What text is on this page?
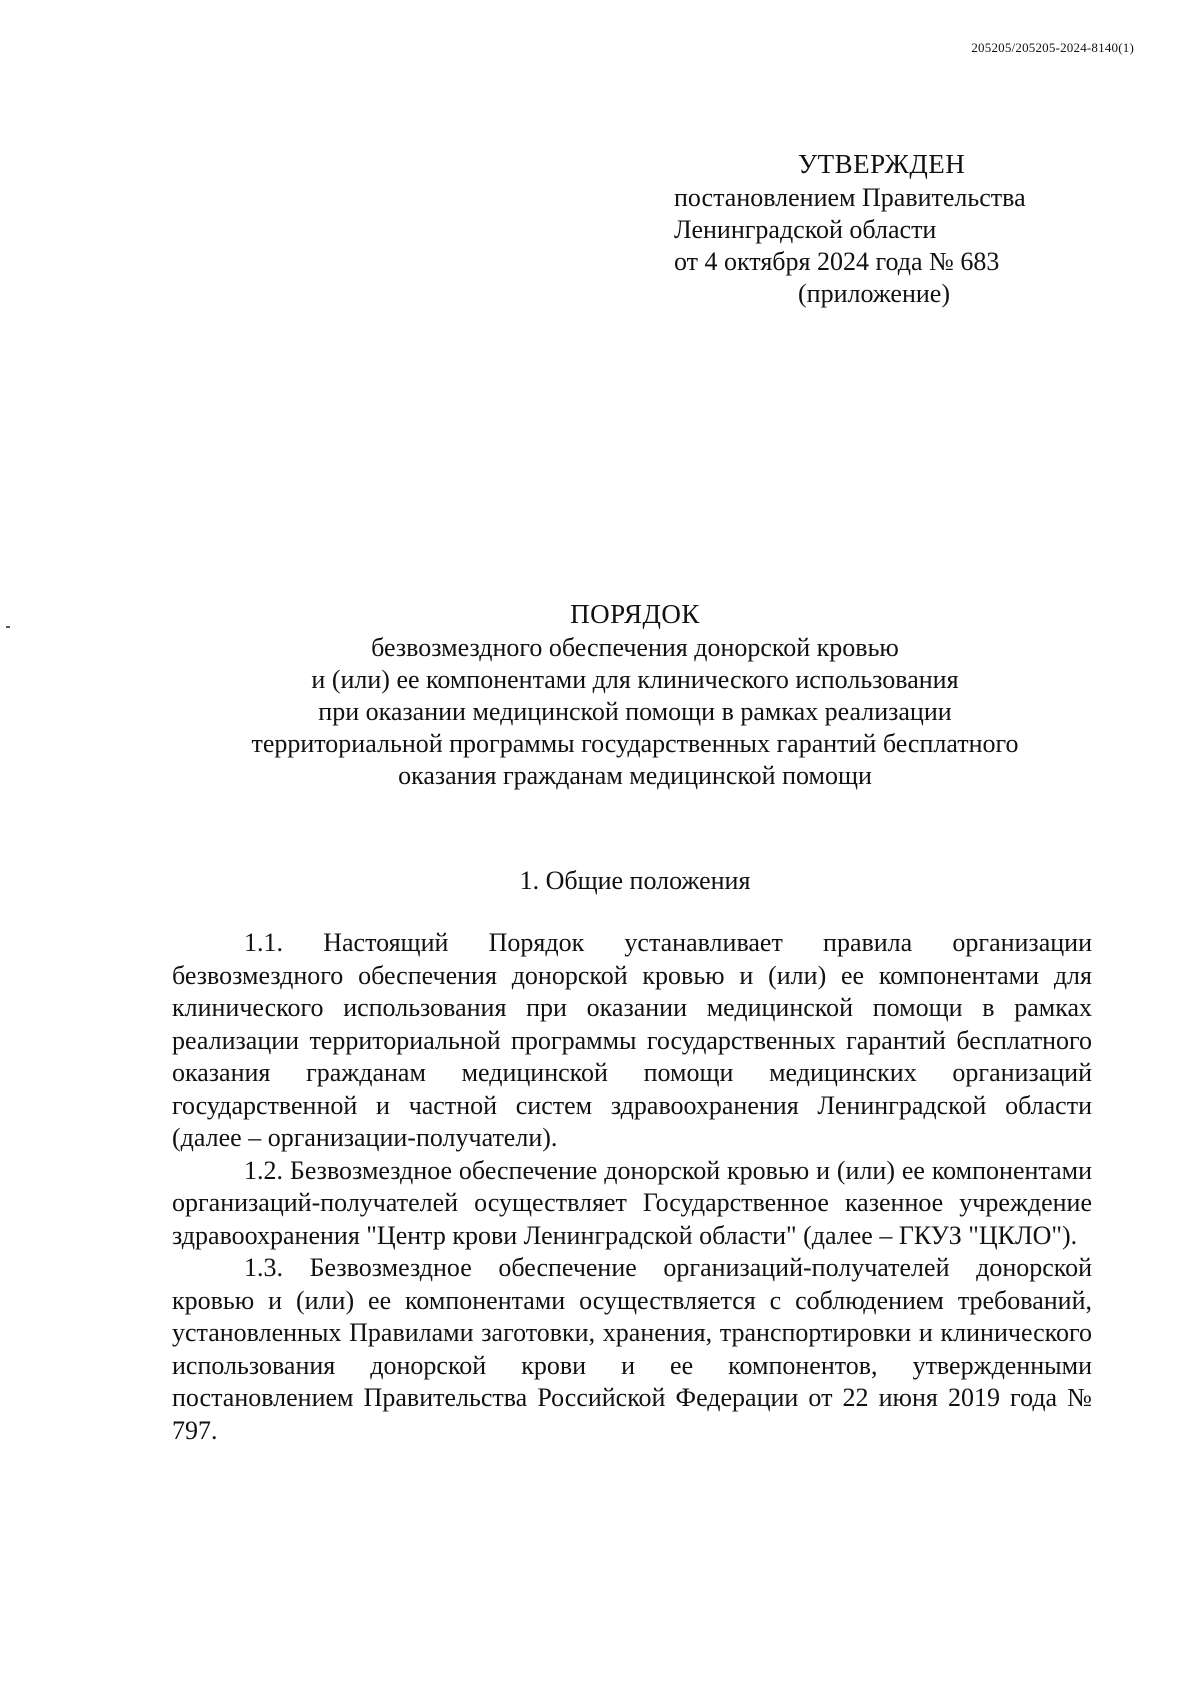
205205/205205-2024-8140(1)
УТВЕРЖДЕН
постановлением Правительства
Ленинградской области
от 4 октября 2024 года № 683
(приложение)
ПОРЯДОК
безвозмездного обеспечения донорской кровью
и (или) ее компонентами для клинического использования
при оказании медицинской помощи в рамках реализации
территориальной программы государственных гарантий бесплатного
оказания гражданам медицинской помощи
1. Общие положения

1.1. Настоящий Порядок устанавливает правила организации безвозмездного обеспечения донорской кровью и (или) ее компонентами для клинического использования при оказании медицинской помощи в рамках реализации территориальной программы государственных гарантий бесплатного оказания гражданам медицинской помощи медицинских организаций государственной и частной систем здравоохранения Ленинградской области (далее – организации-получатели).

1.2. Безвозмездное обеспечение донорской кровью и (или) ее компонентами организаций-получателей осуществляет Государственное казенное учреждение здравоохранения "Центр крови Ленинградской области" (далее – ГКУЗ "ЦКЛО").

1.3. Безвозмездное обеспечение организаций-получателей донорской кровью и (или) ее компонентами осуществляется с соблюдением требований, установленных Правилами заготовки, хранения, транспортировки и клинического использования донорской крови и ее компонентов, утвержденными постановлением Правительства Российской Федерации от 22 июня 2019 года № 797.
